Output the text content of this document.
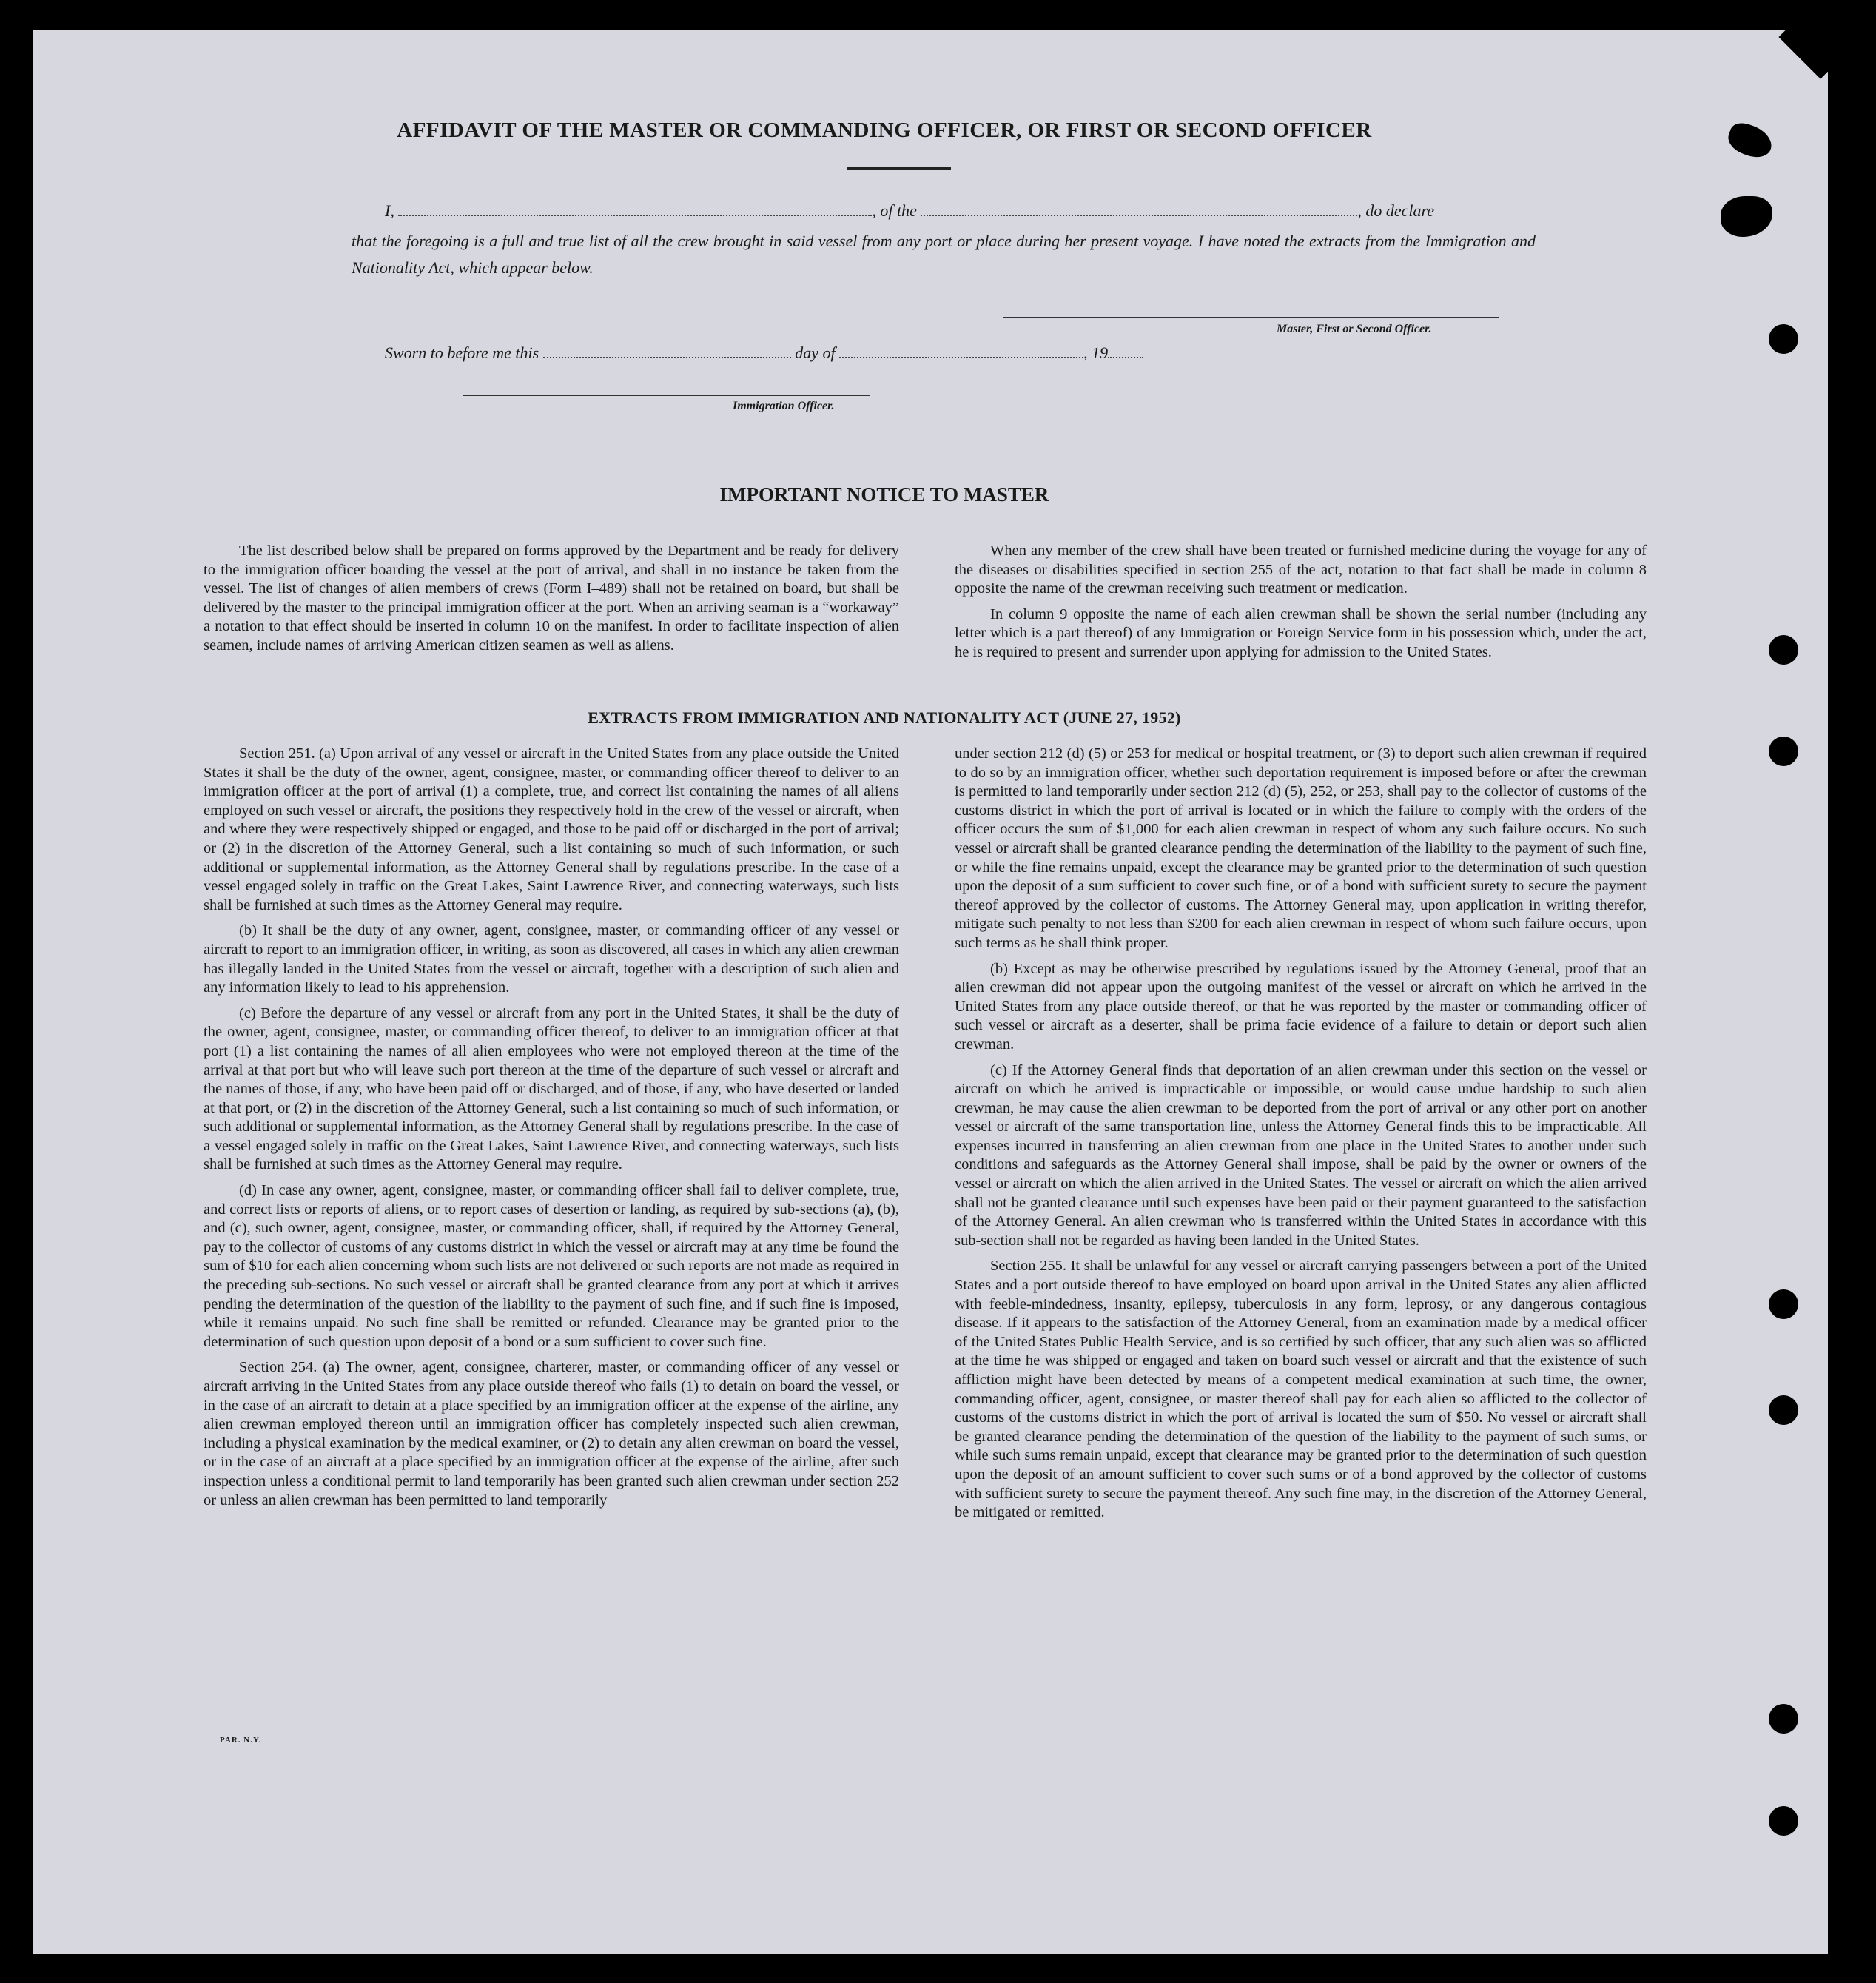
AFFIDAVIT OF THE MASTER OR COMMANDING OFFICER, OR FIRST OR SECOND OFFICER
I,	, of the	, do declare
that the foregoing is a full and true list of all the crew brought in said vessel from any port or place during her present voyage. I have noted the extracts from the Immigration and Nationality Act, which appear below.
Master, First or Second Officer.
Sworn to before me this	day of	, 19
Immigration Officer.
IMPORTANT NOTICE TO MASTER

The list described below shall be prepared on forms approved by the Department and be ready for delivery to the immigration officer boarding the vessel at the port of arrival, and shall in no instance be taken from the vessel. The list of changes of alien members of crews (Form I–489) shall not be retained on board, but shall be delivered by the master to the principal immigration officer at the port. When an arriving seaman is a “workaway” a notation to that effect should be inserted in column 10 on the manifest. In order to facilitate inspection of alien seamen, include names of arriving American citizen seamen as well as aliens.

When any member of the crew shall have been treated or furnished medicine during the voyage for any of the diseases or disabilities specified in section 255 of the act, notation to that fact shall be made in column 8 opposite the name of the crewman receiving such treatment or medication.

In column 9 opposite the name of each alien crewman shall be shown the serial number (including any letter which is a part thereof) of any Immigration or Foreign Service form in his possession which, under the act, he is required to present and surrender upon applying for admission to the United States.

EXTRACTS FROM IMMIGRATION AND NATIONALITY ACT (JUNE 27, 1952)

Section 251. (a) Upon arrival of any vessel or aircraft in the United States from any place outside the United States it shall be the duty of the owner, agent, consignee, master, or commanding officer thereof to deliver to an immigration officer at the port of arrival (1) a complete, true, and correct list containing the names of all aliens employed on such vessel or aircraft, the positions they respectively hold in the crew of the vessel or aircraft, when and where they were respectively shipped or engaged, and those to be paid off or discharged in the port of arrival; or (2) in the discretion of the Attorney General, such a list containing so much of such information, or such additional or supplemental information, as the Attorney General shall by regulations prescribe. In the case of a vessel engaged solely in traffic on the Great Lakes, Saint Lawrence River, and connecting waterways, such lists shall be furnished at such times as the Attorney General may require.

(b) It shall be the duty of any owner, agent, consignee, master, or commanding officer of any vessel or aircraft to report to an immigration officer, in writing, as soon as discovered, all cases in which any alien crewman has illegally landed in the United States from the vessel or aircraft, together with a description of such alien and any information likely to lead to his apprehension.

(c) Before the departure of any vessel or aircraft from any port in the United States, it shall be the duty of the owner, agent, consignee, master, or commanding officer thereof, to deliver to an immigration officer at that port (1) a list containing the names of all alien employees who were not employed thereon at the time of the arrival at that port but who will leave such port thereon at the time of the departure of such vessel or aircraft and the names of those, if any, who have been paid off or discharged, and of those, if any, who have deserted or landed at that port, or (2) in the discretion of the Attorney General, such a list containing so much of such information, or such additional or supplemental information, as the Attorney General shall by regulations prescribe. In the case of a vessel engaged solely in traffic on the Great Lakes, Saint Lawrence River, and connecting waterways, such lists shall be furnished at such times as the Attorney General may require.

(d) In case any owner, agent, consignee, master, or commanding officer shall fail to deliver complete, true, and correct lists or reports of aliens, or to report cases of desertion or landing, as required by sub-sections (a), (b), and (c), such owner, agent, consignee, master, or commanding officer, shall, if required by the Attorney General, pay to the collector of customs of any customs district in which the vessel or aircraft may at any time be found the sum of $10 for each alien concerning whom such lists are not delivered or such reports are not made as required in the preceding sub-sections. No such vessel or aircraft shall be granted clearance from any port at which it arrives pending the determination of the question of the liability to the payment of such fine, and if such fine is imposed, while it remains unpaid. No such fine shall be remitted or refunded. Clearance may be granted prior to the determination of such question upon deposit of a bond or a sum sufficient to cover such fine.

Section 254. (a) The owner, agent, consignee, charterer, master, or commanding officer of any vessel or aircraft arriving in the United States from any place outside thereof who fails (1) to detain on board the vessel, or in the case of an aircraft to detain at a place specified by an immigration officer at the expense of the airline, any alien crewman employed thereon until an immigration officer has completely inspected such alien crewman, including a physical examination by the medical examiner, or (2) to detain any alien crewman on board the vessel, or in the case of an aircraft at a place specified by an immigration officer at the expense of the airline, after such inspection unless a conditional permit to land temporarily has been granted such alien crewman under section 252 or unless an alien crewman has been permitted to land temporarily

under section 212 (d) (5) or 253 for medical or hospital treatment, or (3) to deport such alien crewman if required to do so by an immigration officer, whether such deportation requirement is imposed before or after the crewman is permitted to land temporarily under section 212 (d) (5), 252, or 253, shall pay to the collector of customs of the customs district in which the port of arrival is located or in which the failure to comply with the orders of the officer occurs the sum of $1,000 for each alien crewman in respect of whom any such failure occurs. No such vessel or aircraft shall be granted clearance pending the determination of the liability to the payment of such fine, or while the fine remains unpaid, except the clearance may be granted prior to the determination of such question upon the deposit of a sum sufficient to cover such fine, or of a bond with sufficient surety to secure the payment thereof approved by the collector of customs. The Attorney General may, upon application in writing therefor, mitigate such penalty to not less than $200 for each alien crewman in respect of whom such failure occurs, upon such terms as he shall think proper.

(b) Except as may be otherwise prescribed by regulations issued by the Attorney General, proof that an alien crewman did not appear upon the outgoing manifest of the vessel or aircraft on which he arrived in the United States from any place outside thereof, or that he was reported by the master or commanding officer of such vessel or aircraft as a deserter, shall be prima facie evidence of a failure to detain or deport such alien crewman.

(c) If the Attorney General finds that deportation of an alien crewman under this section on the vessel or aircraft on which he arrived is impracticable or impossible, or would cause undue hardship to such alien crewman, he may cause the alien crewman to be deported from the port of arrival or any other port on another vessel or aircraft of the same transportation line, unless the Attorney General finds this to be impracticable. All expenses incurred in transferring an alien crewman from one place in the United States to another under such conditions and safeguards as the Attorney General shall impose, shall be paid by the owner or owners of the vessel or aircraft on which the alien arrived in the United States. The vessel or aircraft on which the alien arrived shall not be granted clearance until such expenses have been paid or their payment guaranteed to the satisfaction of the Attorney General. An alien crewman who is transferred within the United States in accordance with this sub-section shall not be regarded as having been landed in the United States.

Section 255. It shall be unlawful for any vessel or aircraft carrying passengers between a port of the United States and a port outside thereof to have employed on board upon arrival in the United States any alien afflicted with feeble-mindedness, insanity, epilepsy, tuberculosis in any form, leprosy, or any dangerous contagious disease. If it appears to the satisfaction of the Attorney General, from an examination made by a medical officer of the United States Public Health Service, and is so certified by such officer, that any such alien was so afflicted at the time he was shipped or engaged and taken on board such vessel or aircraft and that the existence of such affliction might have been detected by means of a competent medical examination at such time, the owner, commanding officer, agent, consignee, or master thereof shall pay for each alien so afflicted to the collector of customs of the customs district in which the port of arrival is located the sum of $50. No vessel or aircraft shall be granted clearance pending the determination of the question of the liability to the payment of such sums, or while such sums remain unpaid, except that clearance may be granted prior to the determination of such question upon the deposit of an amount sufficient to cover such sums or of a bond approved by the collector of customs with sufficient surety to secure the payment thereof. Any such fine may, in the discretion of the Attorney General, be mitigated or remitted.

PAR. N.Y.
